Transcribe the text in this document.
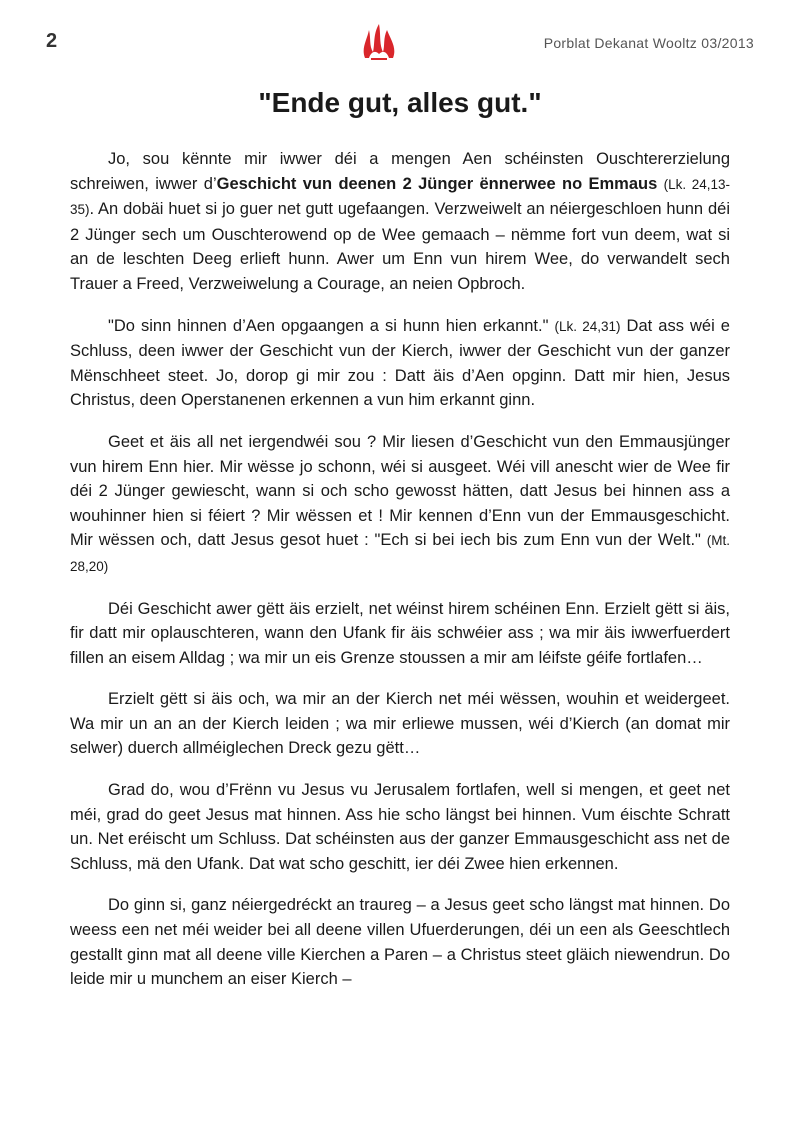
2	Porblat Dekanat Wooltz 03/2013
"Ende gut, alles gut."

Jo, sou kënnte mir iwwer déi a mengen Aen schéinsten Ouschtererzielung schreiwen, iwwer d’Geschicht vun deenen 2 Jünger ënnerwee no Emmaus (Lk. 24,13-35). An dobäi huet si jo guer net gutt ugefaangen. Verzweiwelt an néiergeschloen hunn déi 2 Jünger sech um Ouschterowend op de Wee gemaach – nëmme fort vun deem, wat si an de leschten Deeg erlieft hunn. Awer um Enn vun hirem Wee, do verwandelt sech Trauer a Freed, Verzweiwelung a Courage, an neien Opbroch.

"Do sinn hinnen d’Aen opgaangen a si hunn hien erkannt." (Lk. 24,31) Dat ass wéi e Schluss, deen iwwer der Geschicht vun der Kierch, iwwer der Geschicht vun der ganzer Mënschheet steet. Jo, dorop gi mir zou : Datt äis d’Aen opginn. Datt mir hien, Jesus Christus, deen Operstanenen erkennen a vun him erkannt ginn.

Geet et äis all net iergendwéi sou ? Mir liesen d’Geschicht vun den Emmausjünger vun hirem Enn hier. Mir wësse jo schonn, wéi si ausgeet. Wéi vill anescht wier de Wee fir déi 2 Jünger gewiescht, wann si och scho gewosst hätten, datt Jesus bei hinnen ass a wouhinner hien si féiert ? Mir wëssen et ! Mir kennen d’Enn vun der Emmausgeschicht. Mir wëssen och, datt Jesus gesot huet : "Ech si bei iech bis zum Enn vun der Welt." (Mt. 28,20)

Déi Geschicht awer gëtt äis erzielt, net wéinst hirem schéinen Enn. Erzielt gëtt si äis, fir datt mir oplauschteren, wann den Ufank fir äis schwéier ass ; wa mir äis iwwerfuerdert fillen an eisem Alldag ; wa mir un eis Grenze stoussen a mir am léifste géife fortlafen…

Erzielt gëtt si äis och, wa mir an der Kierch net méi wëssen, wouhin et weidergeet. Wa mir un an an der Kierch leiden ; wa mir erliewe mussen, wéi d’Kierch (an domat mir selwer) duerch allméiglechen Dreck gezu gëtt…

Grad do, wou d’Frënn vu Jesus vu Jerusalem fortlafen, well si mengen, et geet net méi, grad do geet Jesus mat hinnen. Ass hie scho längst bei hinnen. Vum éischte Schratt un. Net eréischt um Schluss. Dat schéinsten aus der ganzer Emmausgeschicht ass net de Schluss, mä den Ufank. Dat wat scho geschitt, ier déi Zwee hien erkennen.

Do ginn si, ganz néiergedréckt an traureg – a Jesus geet scho längst mat hinnen. Do weess een net méi weider bei all deene villen Ufuerderungen, déi un een als Geeschtlech gestallt ginn mat all deene ville Kierchen a Paren – a Christus steet gläich niewendrun. Do leide mir u munchem an eiser Kierch –
